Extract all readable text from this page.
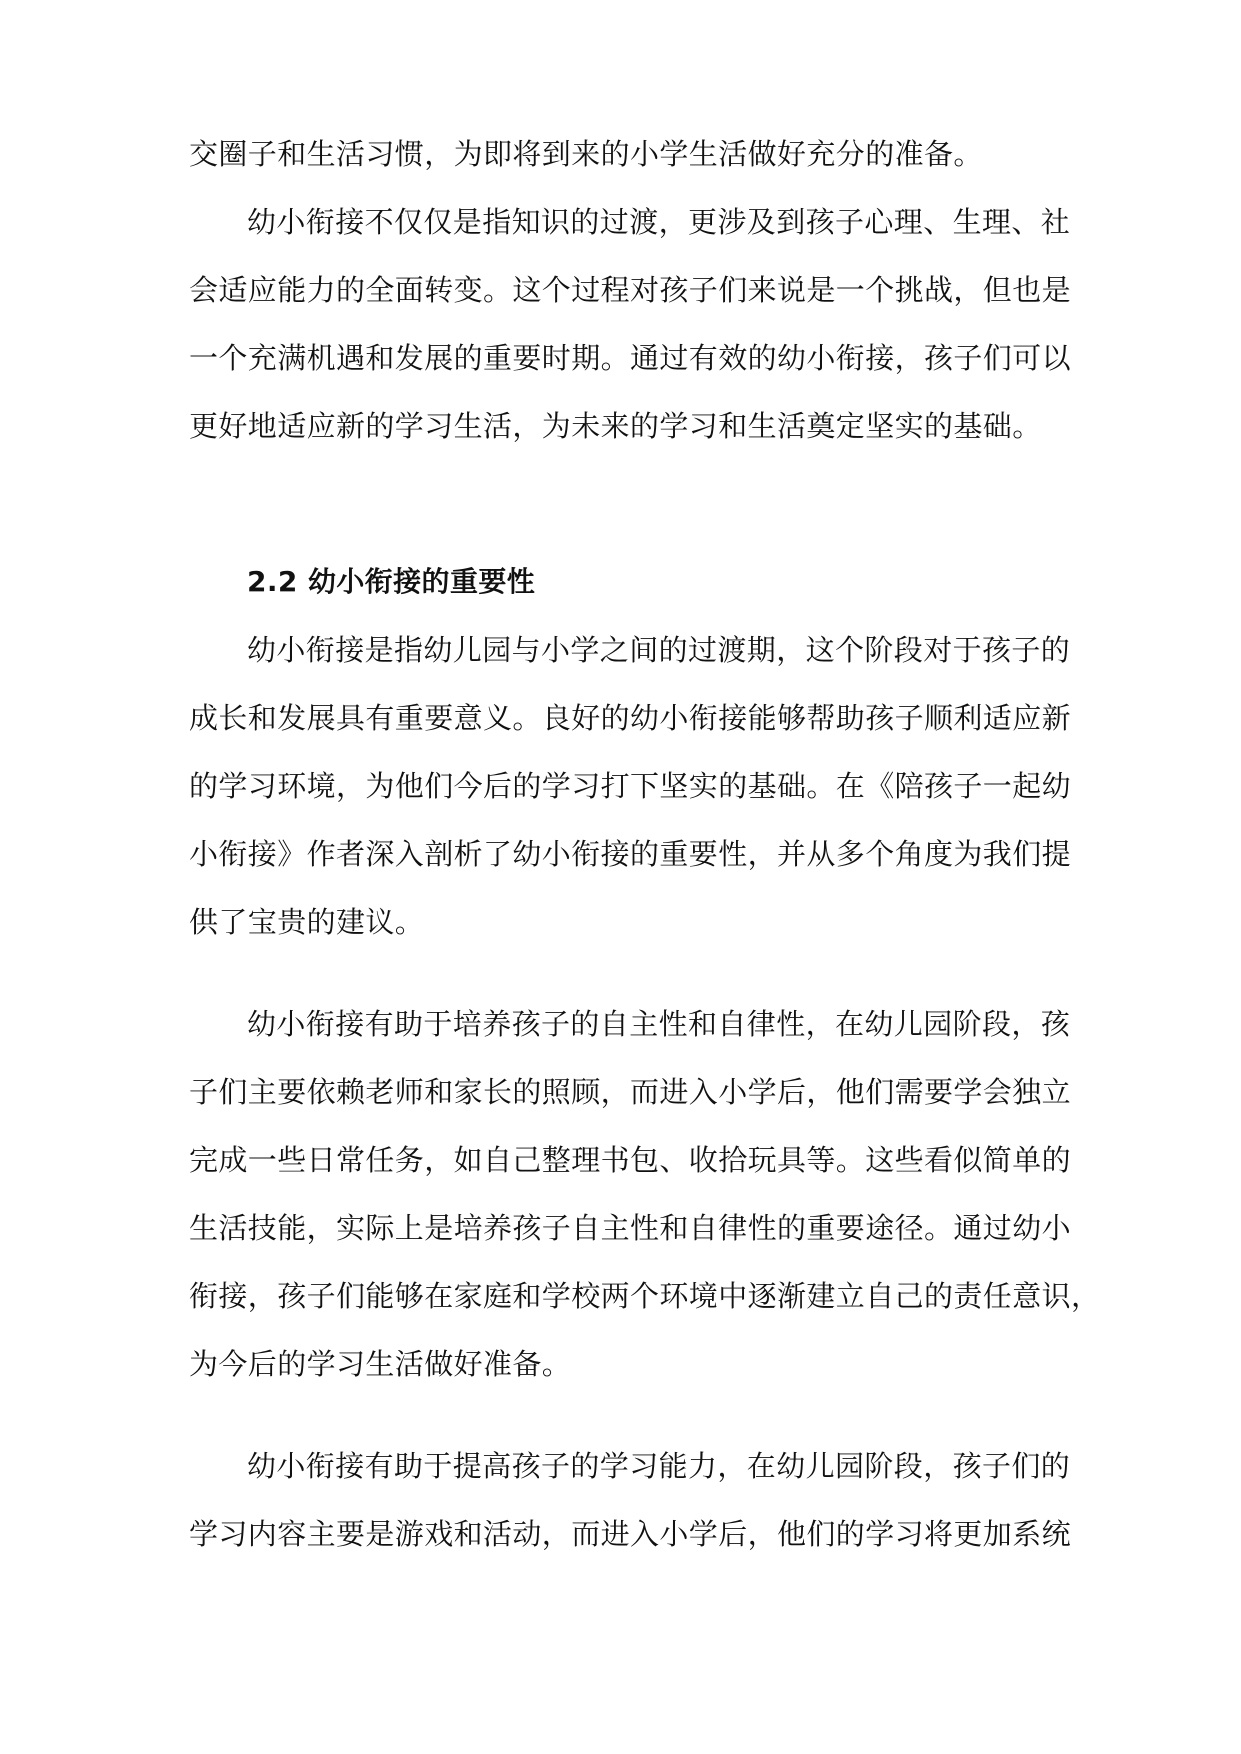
交圈子和生活习惯，为即将到来的小学生活做好充分的准备。
幼小衔接不仅仅是指知识的过渡，更涉及到孩子心理、生理、社
会适应能力的全面转变。这个过程对孩子们来说是一个挑战，但也是
一个充满机遇和发展的重要时期。通过有效的幼小衔接，孩子们可以
更好地适应新的学习生活，为未来的学习和生活奠定坚实的基础。
2.2 幼小衔接的重要性
幼小衔接是指幼儿园与小学之间的过渡期，这个阶段对于孩子的
成长和发展具有重要意义。良好的幼小衔接能够帮助孩子顺利适应新
的学习环境，为他们今后的学习打下坚实的基础。在《陪孩子一起幼
小衔接》作者深入剖析了幼小衔接的重要性，并从多个角度为我们提
供了宝贵的建议。
幼小衔接有助于培养孩子的自主性和自律性，在幼儿园阶段，孩
子们主要依赖老师和家长的照顾，而进入小学后，他们需要学会独立
完成一些日常任务，如自己整理书包、收拾玩具等。这些看似简单的
生活技能，实际上是培养孩子自主性和自律性的重要途径。通过幼小
衔接，孩子们能够在家庭和学校两个环境中逐渐建立自己的责任意识，
为今后的学习生活做好准备。
幼小衔接有助于提高孩子的学习能力，在幼儿园阶段，孩子们的
学习内容主要是游戏和活动，而进入小学后，他们的学习将更加系统
